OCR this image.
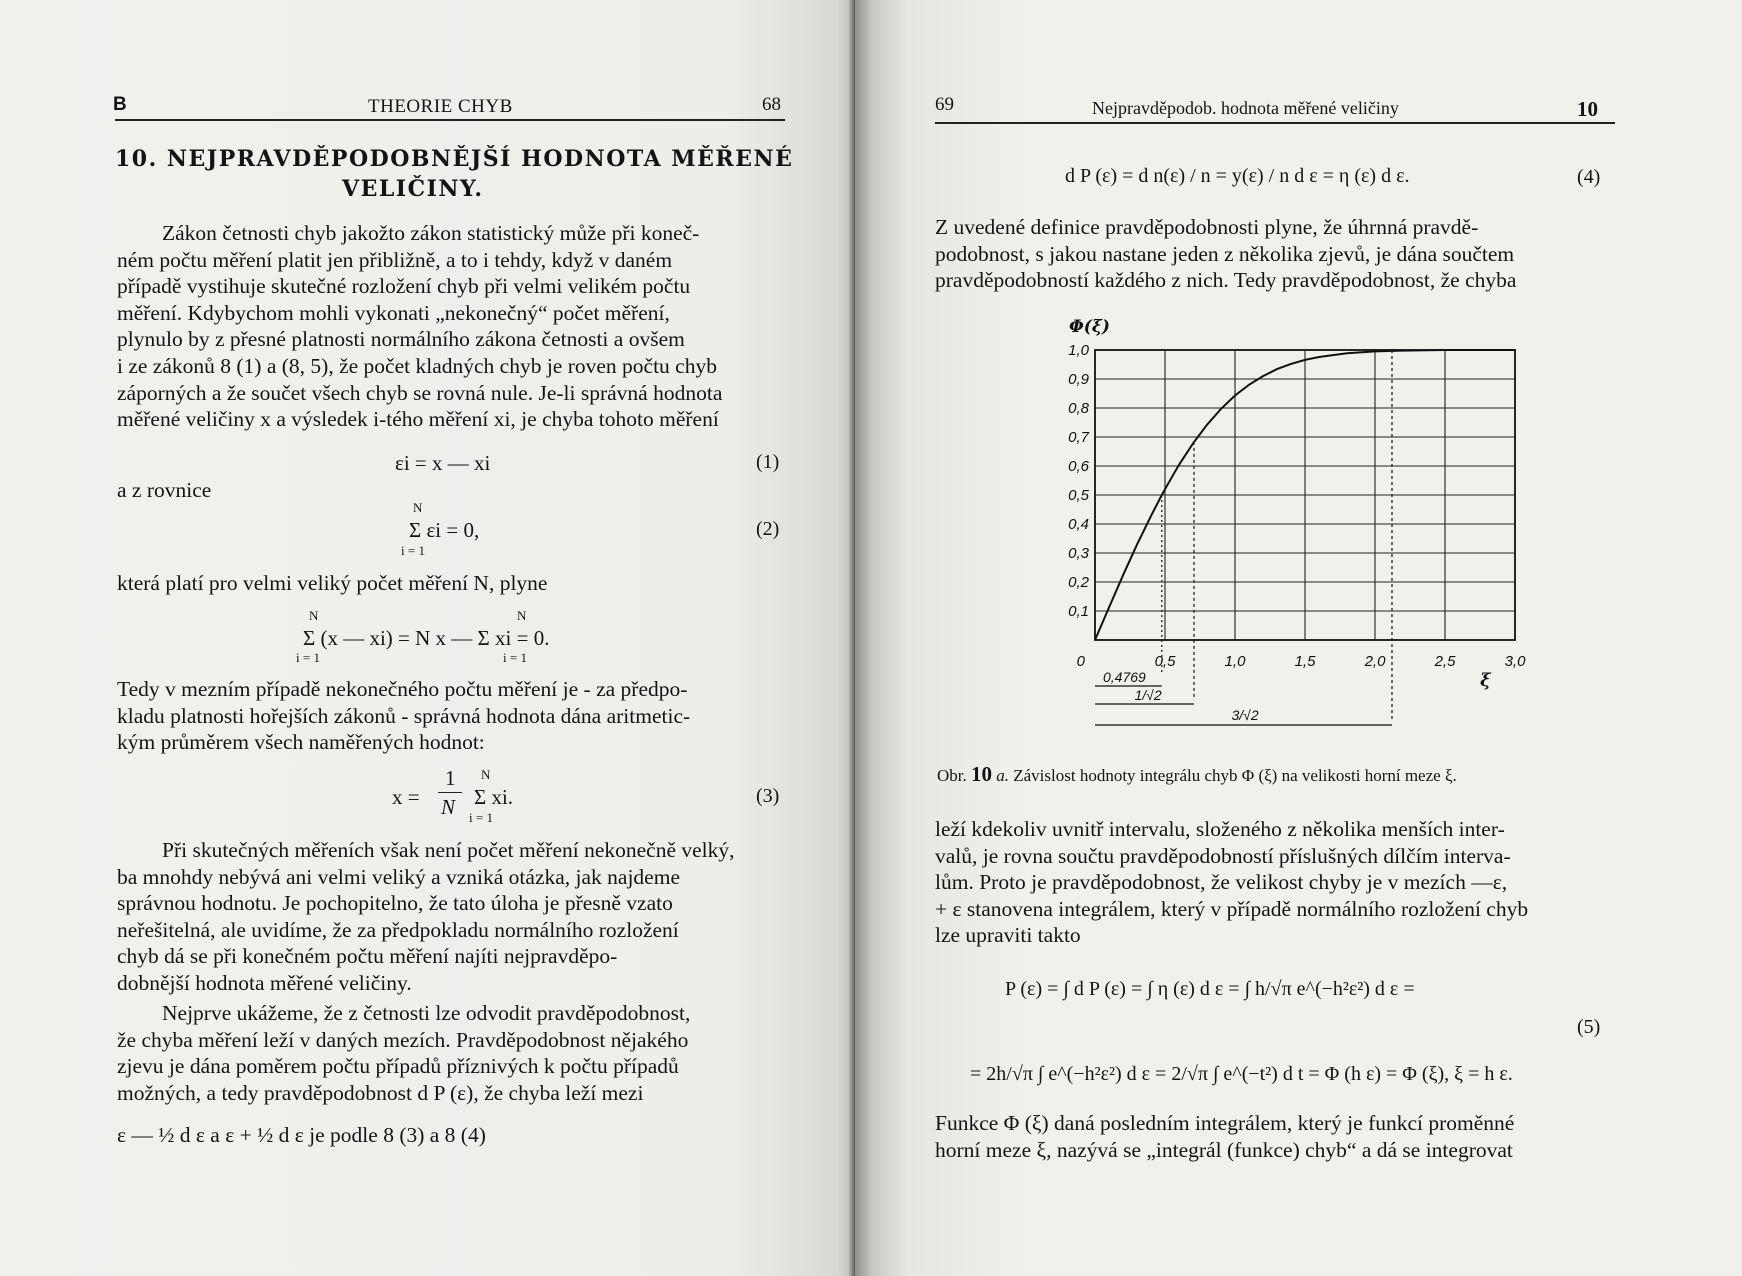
B	THEORIE CHYB	68
10. NEJPRAVDĚPODOBNĚJŠÍ HODNOTA MĚŘENÉ
VELIČINY.

Zákon četnosti chyb jakožto zákon statistický může při koneč-

ném počtu měření platit jen přibližně, a to i tehdy, když v daném

případě vystihuje skutečné rozložení chyb při velmi velikém počtu

měření. Kdybychom mohli vykonati „nekonečný“ počet měření,

plynulo by z přesné platnosti normálního zákona četnosti a ovšem

i ze zákonů 8 (1) a (8, 5), že počet kladných chyb je roven počtu chyb

záporných a že součet všech chyb se rovná nule. Je-li správná hodnota

měřené veličiny x a výsledek i-tého měření xi, je chyba tohoto měření

εi = x — xi	(1)
a z rovnice
N
Σ εi = 0,
i = 1
(2)
která platí pro velmi veliký počet měření N, plyne
N	N
Σ (x — xi) = N x — Σ xi = 0.
i = 1	i = 1

Tedy v mezním případě nekonečného počtu měření je - za předpo-

kladu platnosti hořejších zákonů - správná hodnota dána aritmetic-

kým průměrem všech naměřených hodnot:

x =
1
N
N
Σ xi.
i = 1
(3)

Při skutečných měřeních však není počet měření nekonečně velký,

ba mnohdy nebývá ani velmi veliký a vzniká otázka, jak najdeme

správnou hodnotu. Je pochopitelno, že tato úloha je přesně vzato

neřešitelná, ale uvidíme, že za předpokladu normálního rozložení

chyb dá se při konečném počtu měření najíti nejpravděpo-

dobnější hodnota měřené veličiny.

Nejprve ukážeme, že z četnosti lze odvodit pravděpodobnost,

že chyba měření leží v daných mezích. Pravděpodobnost nějakého

zjevu je dána poměrem počtu případů příznivých k počtu případů

možných, a tedy pravděpodobnost d P (ε), že chyba leží mezi

ε — ½ d ε a ε + ½ d ε je podle 8 (3) a 8 (4)
69	Nejpravděpodob. hodnota měřené veličiny	10
d P (ε) = d n(ε) / n = y(ε) / n d ε = η (ε) d ε.	(4)

Z uvedené definice pravděpodobnosti plyne, že úhrnná pravdě-

podobnost, s jakou nastane jeden z několika zjevů, je dána součtem

pravděpodobností každého z nich. Tedy pravděpodobnost, že chyba

0,1
0,2
0,3
0,4
0,5
0,6
0,7
0,8
0,9
1,0
0	0,5	1,0	1,5	2,0	2,5	3,0
Φ(ξ)
ξ
0,4769
1/√2
3/√2
Obr. 10 a. Závislost hodnoty integrálu chyb Φ (ξ) na velikosti horní meze ξ.

leží kdekoliv uvnitř intervalu, složeného z několika menších inter-

valů, je rovna součtu pravděpodobností příslušných dílčím interva-

lům. Proto je pravděpodobnost, že velikost chyby je v mezích —ε,

+ ε stanovena integrálem, který v případě normálního rozložení chyb

lze upraviti takto

P (ε) = ∫ d P (ε) = ∫ η (ε) d ε = ∫ h/√π e^(−h²ε²) d ε =
(5)
= 2h/√π ∫ e^(−h²ε²) d ε = 2/√π ∫ e^(−t²) d t = Φ (h ε) = Φ (ξ), ξ = h ε.

Funkce Φ (ξ) daná posledním integrálem, který je funkcí proměnné

horní meze ξ, nazývá se „integrál (funkce) chyb“ a dá se integrovat
